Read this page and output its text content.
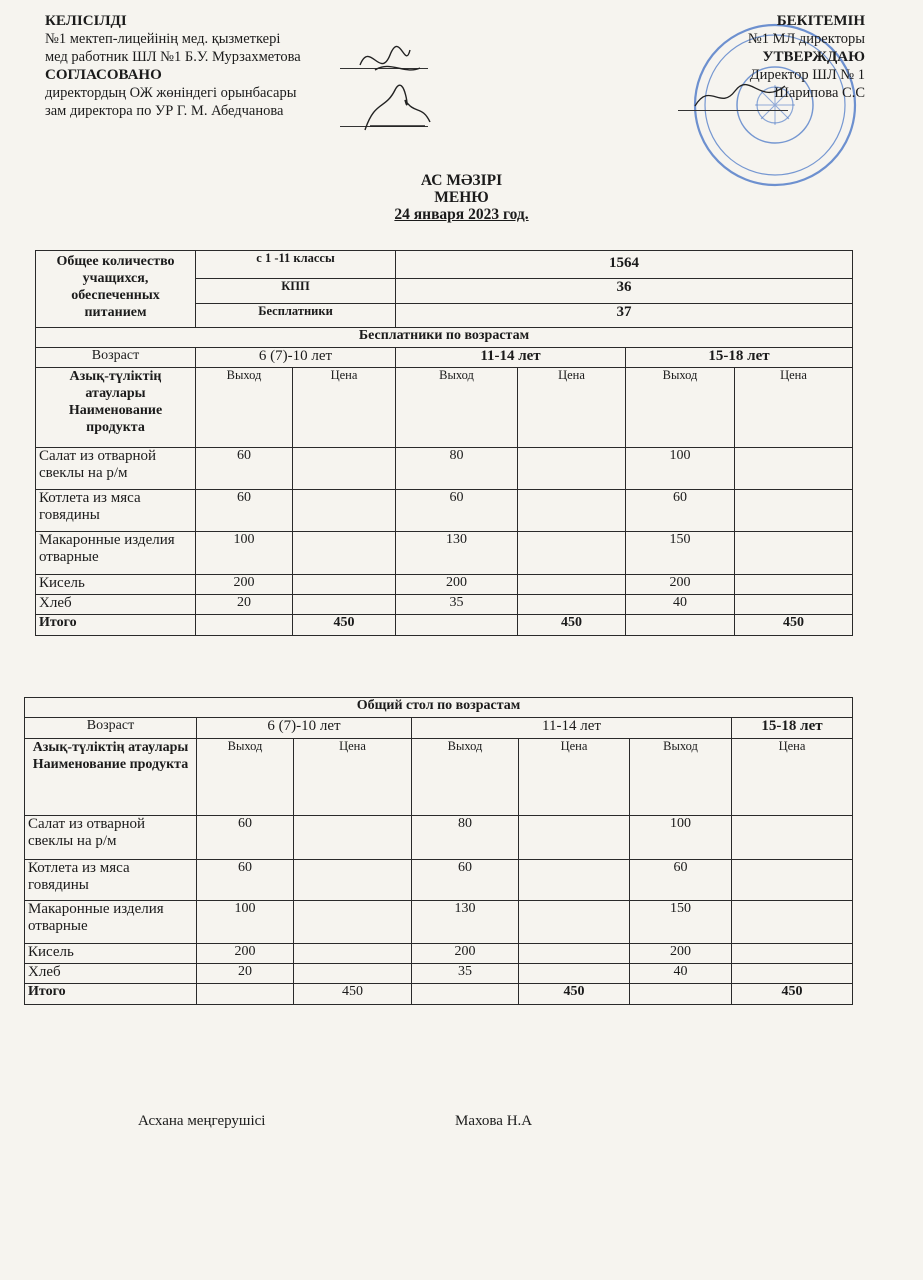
КЕЛІСІЛДІ
№1 мектеп-лицейінің мед. қызметкері
мед работник ШЛ №1 Б.У. Мурзахметова
СОГЛАСОВАНО
директордың ОЖ жөніндегі орынбасары
зам директора по УР Г. М. Абедчанова
БЕКІТЕМІН
№1 МЛ директоры
УТВЕРЖДАЮ
Директор ШЛ № 1
Шарипова С.С
АС МӘЗІРІ
МЕНЮ
24 января 2023 год.
Общее количество учащихся, обеспеченных питанием	с 1 -11 классы		1564			
	КПП		36			
	Бесплатники		37			
Бесплатники по возрастам						
Возраст	6 (7)-10 лет		11-14 лет		15-18 лет	
Азық-түліктің атаулары Наименование продукта	Выход	Цена	Выход	Цена	Выход	Цена
Салат из отварной свеклы на р/м	60		80		100	
Котлета из мяса говядины	60		60		60	
Макаронные изделия отварные	100		130		150	
Кисель	200		200		200	
Хлеб	20		35		40	
Итого		450		450		450
Общий стол по возрастам						
Возраст	6 (7)-10 лет		11-14 лет			15-18 лет
Азық-түліктің атаулары Наименование продукта	Выход	Цена	Выход	Цена	Выход	Цена
Салат из отварной свеклы на р/м	60		80		100	
Котлета из мяса говядины	60		60		60	
Макаронные изделия отварные	100		130		150	
Кисель	200		200		200	
Хлеб	20		35		40	
Итого		450		450		450
Асхана меңгерушісі	Махова Н.А
